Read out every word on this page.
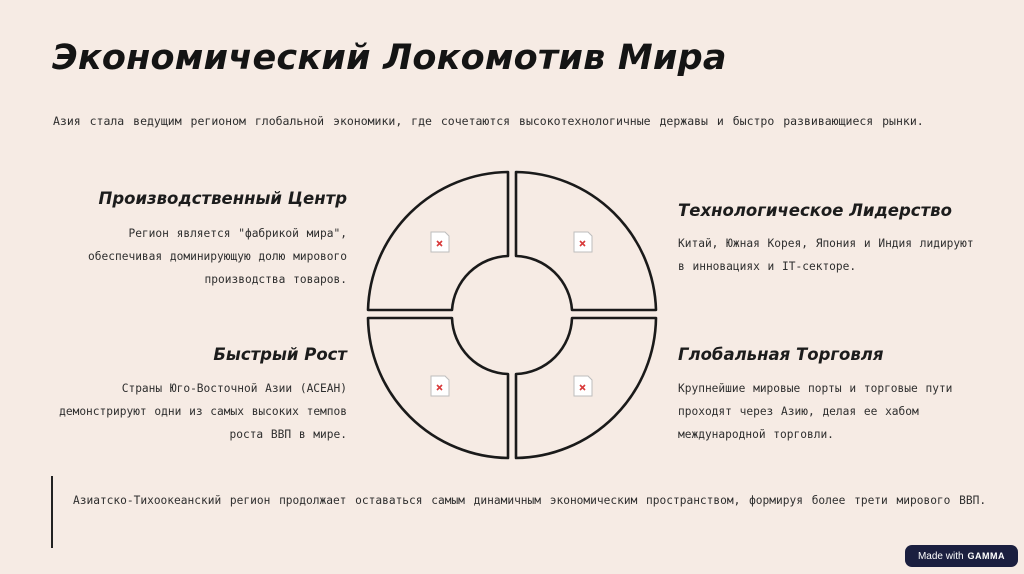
Экономический Локомотив Мира
Азия стала ведущим регионом глобальной экономики, где сочетаются высокотехнологичные державы и быстро развивающиеся рынки.
Производственный Центр

Регион является "фабрикой мира", обеспечивая доминирующую долю мирового производства товаров.

Быстрый Рост

Страны Юго-Восточной Азии (АСЕАН) демонстрируют одни из самых высоких темпов роста ВВП в мире.

Технологическое Лидерство

Китай, Южная Корея, Япония и Индия лидируют в инновациях и IT-секторе.

Глобальная Торговля

Крупнейшие мировые порты и торговые пути проходят через Азию, делая ее хабом международной торговли.

Азиатско-Тихоокеанский регион продолжает оставаться самым динамичным экономическим пространством, формируя более трети мирового ВВП.
Made with GAMMA
